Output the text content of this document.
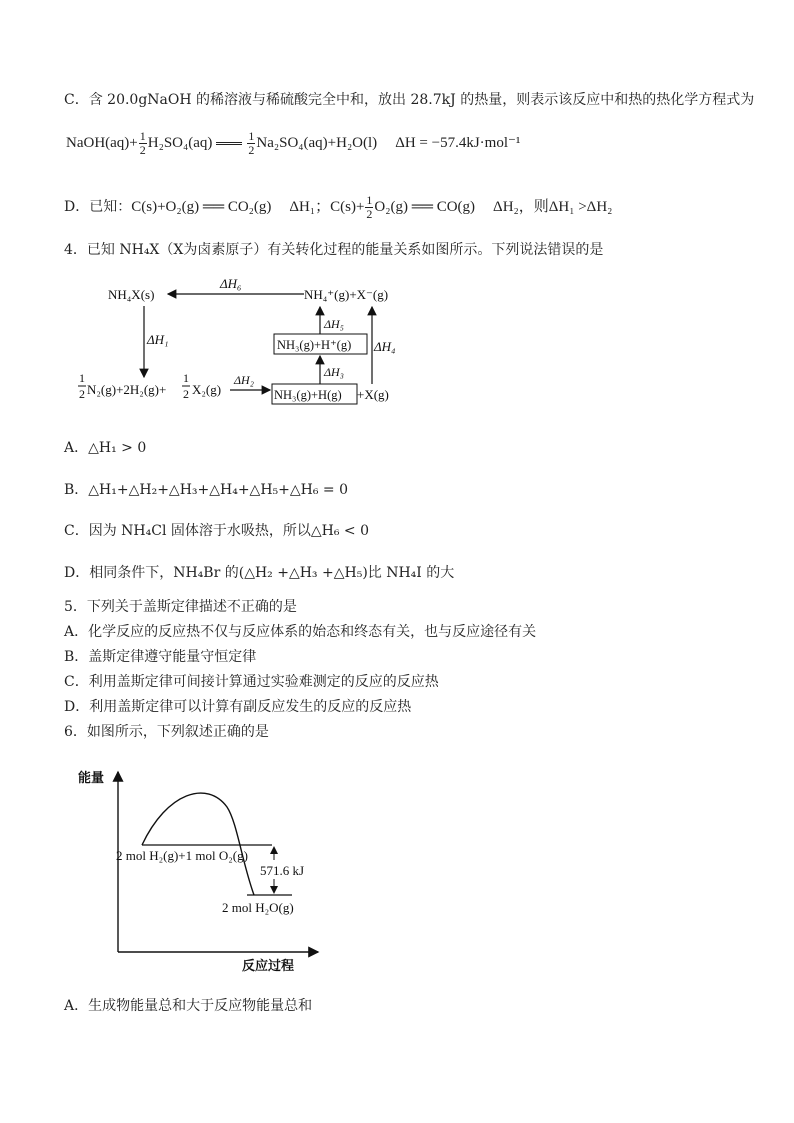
C．含 20.0gNaOH 的稀溶液与稀硫酸完全中和，放出 28.7kJ 的热量，则表示该反应中和热的热化学方程式为
NaOH(aq)+ $\frac{1}{2} H_2SO_4(aq)$	$\frac{1}{2} Na_2SO_4(aq)+H_2O(l) \Delta H = -57.4kJ\cdot mol^{-1}$
D．已知：C(s)+O₂(g) ══ CO₂(g) ΔH₁；$C(s)+ \frac{1}{2} O_2(g)$ ══ CO(g) ΔH₂，则ΔH₁ >ΔH₂
4．已知 NH₄X（X为卤素原子）有关转化过程的能量关系如图所示。下列说法错误的是
NH₄X(s)
ΔH₆
NH₄⁺(g)+X⁻(g)
ΔH₁
ΔH₅
NH₃(g)+H⁺(g)
ΔH₃
ΔH₄
1
2 N₂(g)+2H₂(g)+
1
2 X₂(g)
ΔH₂
NH₃(g)+H(g) +X(g)
A．△H₁ > 0
B．△H₁+△H₂+△H₃+△H₄+△H₅+△H₆ = 0
C．因为 NH₄Cl 固体溶于水吸热，所以△H₆ < 0
D．相同条件下，NH₄Br 的(△H₂ +△H₃ +△H₅)比 NH₄I 的大
5．下列关于盖斯定律描述不正确的是
A．化学反应的反应热不仅与反应体系的始态和终态有关，也与反应途径有关
B．盖斯定律遵守能量守恒定律
C．利用盖斯定律可间接计算通过实验难测定的反应的反应热
D．利用盖斯定律可以计算有副反应发生的反应的反应热
6．如图所示，下列叙述正确的是
能量
反应过程
2 mol H₂(g)+1 mol O₂(g)
2 mol H₂O(g)
571.6 kJ
A．生成物能量总和大于反应物能量总和
